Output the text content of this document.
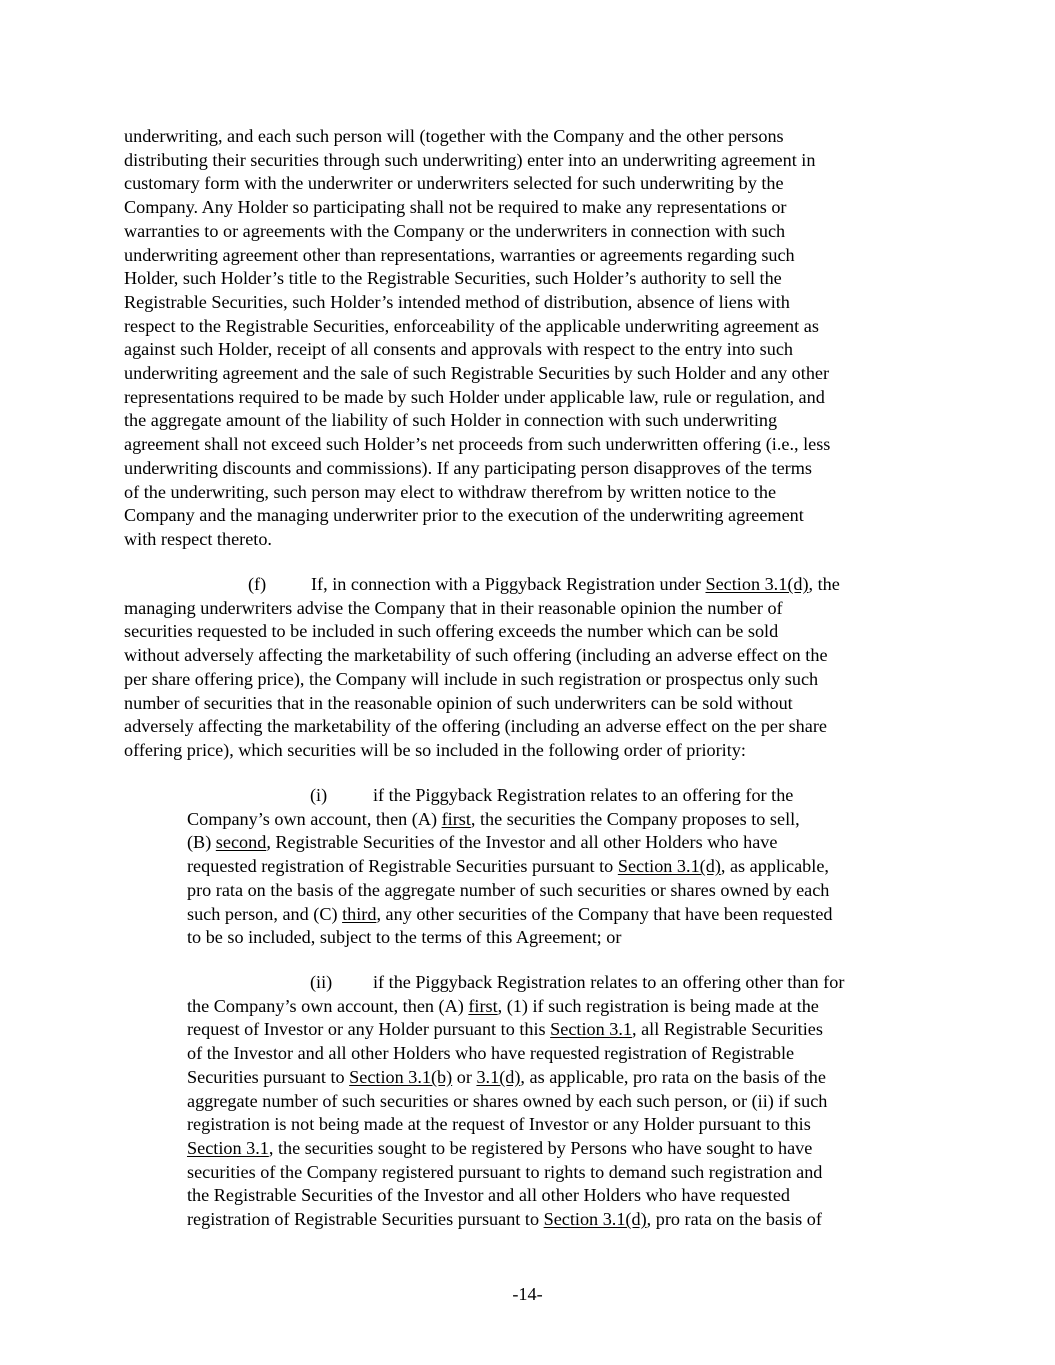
underwriting, and each such person will (together with the Company and the other persons
distributing their securities through such underwriting) enter into an underwriting agreement in
customary form with the underwriter or underwriters selected for such underwriting by the
Company. Any Holder so participating shall not be required to make any representations or
warranties to or agreements with the Company or the underwriters in connection with such
underwriting agreement other than representations, warranties or agreements regarding such
Holder, such Holder’s title to the Registrable Securities, such Holder’s authority to sell the
Registrable Securities, such Holder’s intended method of distribution, absence of liens with
respect to the Registrable Securities, enforceability of the applicable underwriting agreement as
against such Holder, receipt of all consents and approvals with respect to the entry into such
underwriting agreement and the sale of such Registrable Securities by such Holder and any other
representations required to be made by such Holder under applicable law, rule or regulation, and
the aggregate amount of the liability of such Holder in connection with such underwriting
agreement shall not exceed such Holder’s net proceeds from such underwritten offering (i.e., less
underwriting discounts and commissions). If any participating person disapproves of the terms
of the underwriting, such person may elect to withdraw therefrom by written notice to the
Company and the managing underwriter prior to the execution of the underwriting agreement
with respect thereto.

(f) If, in connection with a Piggyback Registration under Section 3.1(d), the
managing underwriters advise the Company that in their reasonable opinion the number of
securities requested to be included in such offering exceeds the number which can be sold
without adversely affecting the marketability of such offering (including an adverse effect on the
per share offering price), the Company will include in such registration or prospectus only such
number of securities that in the reasonable opinion of such underwriters can be sold without
adversely affecting the marketability of the offering (including an adverse effect on the per share
offering price), which securities will be so included in the following order of priority:

(i)	if the Piggyback Registration relates to an offering for the
Company’s own account, then (A) first, the securities the Company proposes to sell,
(B) second, Registrable Securities of the Investor and all other Holders who have
requested registration of Registrable Securities pursuant to Section 3.1(d), as applicable,
pro rata on the basis of the aggregate number of such securities or shares owned by each
such person, and (C) third, any other securities of the Company that have been requested
to be so included, subject to the terms of this Agreement; or

(ii) if the Piggyback Registration relates to an offering other than for
the Company’s own account, then (A) first, (1) if such registration is being made at the
request of Investor or any Holder pursuant to this Section 3.1, all Registrable Securities
of the Investor and all other Holders who have requested registration of Registrable
Securities pursuant to Section 3.1(b) or 3.1(d), as applicable, pro rata on the basis of the
aggregate number of such securities or shares owned by each such person, or (ii) if such
registration is not being made at the request of Investor or any Holder pursuant to this
Section 3.1, the securities sought to be registered by Persons who have sought to have
securities of the Company registered pursuant to rights to demand such registration and
the Registrable Securities of the Investor and all other Holders who have requested
registration of Registrable Securities pursuant to Section 3.1(d), pro rata on the basis of

-14-
